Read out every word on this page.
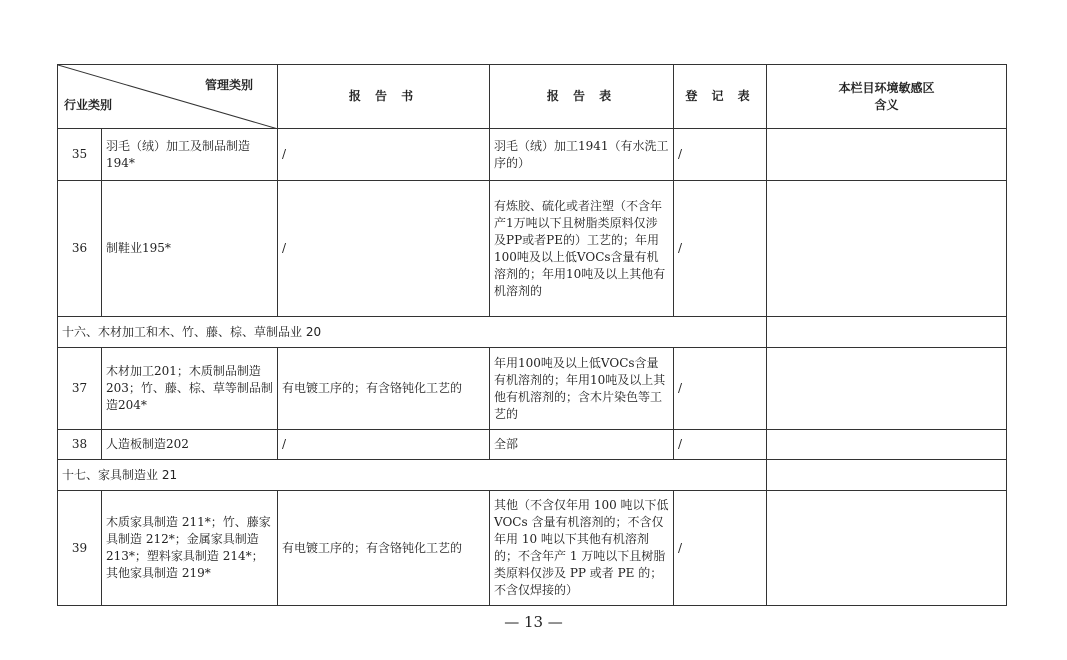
管理类别
行业类别		报 告 书	报 告 表	登 记 表	本栏目环境敏感区
含义
35	羽毛（绒）加工及制品制造194*	/	羽毛（绒）加工1941（有水洗工序的）	/	
36	制鞋业195*	/	有炼胶、硫化或者注塑（不含年产1万吨以下且树脂类原料仅涉及PP或者PE的）工艺的；年用100吨及以上低VOCs含量有机溶剂的；年用10吨及以上其他有机溶剂的	/	
十六、木材加工和木、竹、藤、棕、草制品业 20					
37	木材加工201；木质制品制造203；竹、藤、棕、草等制品制造204*	有电镀工序的；有含铬钝化工艺的	年用100吨及以上低VOCs含量有机溶剂的；年用10吨及以上其他有机溶剂的；含木片染色等工艺的	/	
38	人造板制造202	/	全部	/	
十七、家具制造业 21					
39	木质家具制造 211*；竹、藤家具制造 212*；金属家具制造 213*；塑料家具制造 214*；其他家具制造 219*	有电镀工序的；有含铬钝化工艺的	其他（不含仅年用 100 吨以下低 VOCs 含量有机溶剂的；不含仅年用 10 吨以下其他有机溶剂的；不含年产 1 万吨以下且树脂类原料仅涉及 PP 或者 PE 的；不含仅焊接的）	/	
— 13 —
